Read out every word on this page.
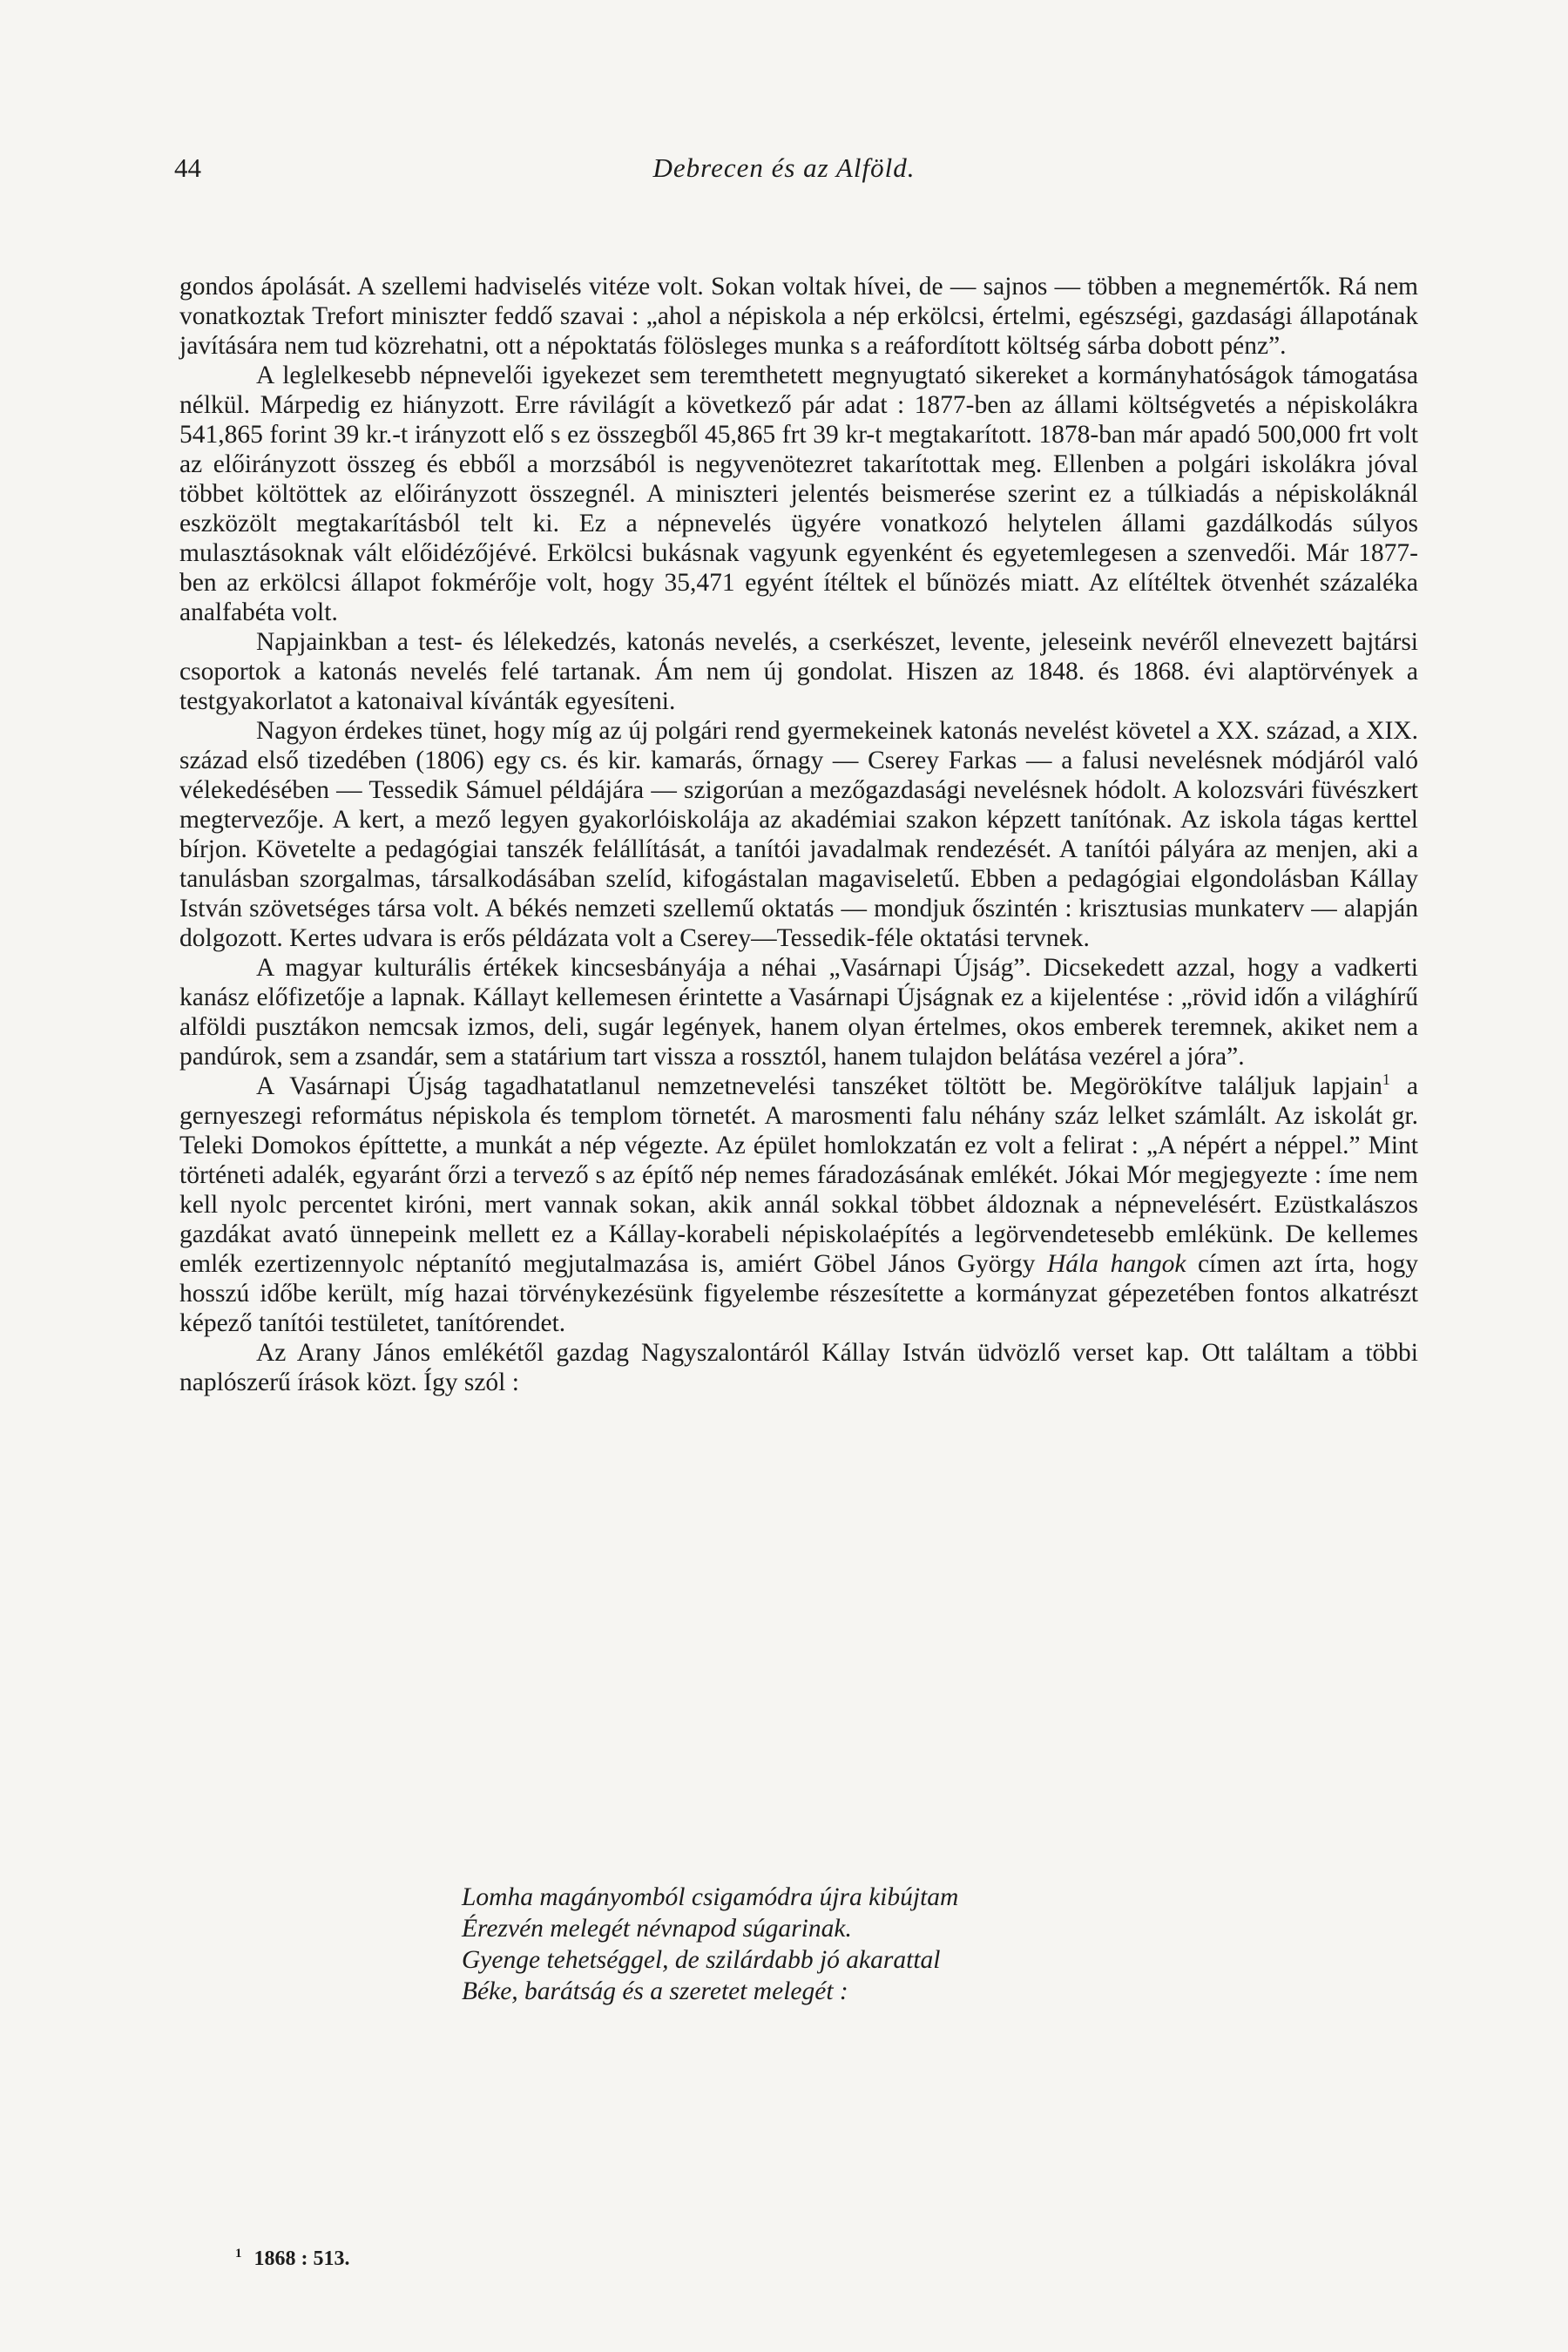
44	Debrecen és az Alföld.

gondos ápolását. A szellemi hadviselés vitéze volt. Sokan voltak hívei, de — sajnos — többen a megnemértők. Rá nem vonatkoztak Trefort miniszter feddő szavai : „ahol a népiskola a nép erkölcsi, értelmi, egészségi, gazdasági állapotának javítására nem tud közrehatni, ott a népoktatás fölösleges munka s a reáfordított költség sárba dobott pénz”.

A leglelkesebb népnevelői igyekezet sem teremthetett megnyugtató sikereket a kormányhatóságok támogatása nélkül. Márpedig ez hiányzott. Erre rávilágít a következő pár adat : 1877-ben az állami költségvetés a népiskolákra 541,865 forint 39 kr.-t irányzott elő s ez összegből 45,865 frt 39 kr-t megtakarított. 1878-ban már apadó 500,000 frt volt az előirányzott összeg és ebből a morzsából is negyvenötezret takarítottak meg. Ellenben a polgári iskolákra jóval többet költöttek az előirányzott összegnél. A miniszteri jelentés beismerése szerint ez a túlkiadás a népiskoláknál eszközölt megtakarításból telt ki. Ez a népnevelés ügyére vonatkozó helytelen állami gazdálkodás súlyos mulasztásoknak vált előidézőjévé. Erkölcsi bukásnak vagyunk egyenként és egyetemlegesen a szenvedői. Már 1877-ben az erkölcsi állapot fokmérője volt, hogy 35,471 egyént ítéltek el bűnözés miatt. Az elítéltek ötvenhét százaléka analfabéta volt.

Napjainkban a test- és lélekedzés, katonás nevelés, a cserkészet, levente, jeleseink nevéről elnevezett bajtársi csoportok a katonás nevelés felé tartanak. Ám nem új gondolat. Hiszen az 1848. és 1868. évi alaptörvények a testgyakorlatot a katonaival kívánták egyesíteni.

Nagyon érdekes tünet, hogy míg az új polgári rend gyermekeinek katonás nevelést követel a XX. század, a XIX. század első tizedében (1806) egy cs. és kir. kamarás, őrnagy — Cserey Farkas — a falusi nevelésnek módjáról való vélekedésében — Tessedik Sámuel példájára — szigorúan a mezőgazdasági nevelésnek hódolt. A kolozsvári füvészkert megtervezője. A kert, a mező legyen gyakorlóiskolája az akadémiai szakon képzett tanítónak. Az iskola tágas kerttel bírjon. Követelte a pedagógiai tanszék felállítását, a tanítói javadalmak rendezését. A tanítói pályára az menjen, aki a tanulásban szorgalmas, társalkodásában szelíd, kifogástalan magaviseletű. Ebben a pedagógiai elgondolásban Kállay István szövetséges társa volt. A békés nemzeti szellemű oktatás — mondjuk őszintén : krisztusias munkaterv — alapján dolgozott. Kertes udvara is erős példázata volt a Cserey—Tessedik-féle oktatási tervnek.

A magyar kulturális értékek kincsesbányája a néhai „Vasárnapi Újság”. Dicsekedett azzal, hogy a vadkerti kanász előfizetője a lapnak. Kállayt kellemesen érintette a Vasárnapi Újságnak ez a kijelentése : „rövid időn a világhírű alföldi pusztákon nemcsak izmos, deli, sugár legények, hanem olyan értelmes, okos emberek teremnek, akiket nem a pandúrok, sem a zsandár, sem a statárium tart vissza a rossztól, hanem tulajdon belátása vezérel a jóra”.

A Vasárnapi Újság tagadhatatlanul nemzetnevelési tanszéket töltött be. Megörökítve találjuk lapjain$^1$ a gernyeszegi református népiskola és templom törnetét. A marosmenti falu néhány száz lelket számlált. Az iskolát gr. Teleki Domokos építtette, a munkát a nép végezte. Az épület homlokzatán ez volt a felirat : „A népért a néppel.” Mint történeti adalék, egyaránt őrzi a tervező s az építő nép nemes fáradozásának emlékét. Jókai Mór megjegyezte : íme nem kell nyolc percentet kiróni, mert vannak sokan, akik annál sokkal többet áldoznak a népnevelésért. Ezüstkalászos gazdákat avató ünnepeink mellett ez a Kállay-korabeli népiskolaépítés a legörvendetesebb emlékünk. De kellemes emlék ezertizennyolc néptanító megjutalmazása is, amiért Göbel János György Hála hangok címen azt írta, hogy hosszú időbe került, míg hazai törvénykezésünk figyelembe részesítette a kormányzat gépezetében fontos alkatrészt képező tanítói testületet, tanítórendet.

Az Arany János emlékétől gazdag Nagyszalontáról Kállay István üdvözlő verset kap. Ott találtam a többi naplószerű írások közt. Így szól :

Lomha magányomból csigamódra újra kibújtam
Érezvén melegét névnapod súgarinak.
Gyenge tehetséggel, de szilárdabb jó akarattal
Béke, barátság és a szeretet melegét :
$^1$ 1868 : 513.
